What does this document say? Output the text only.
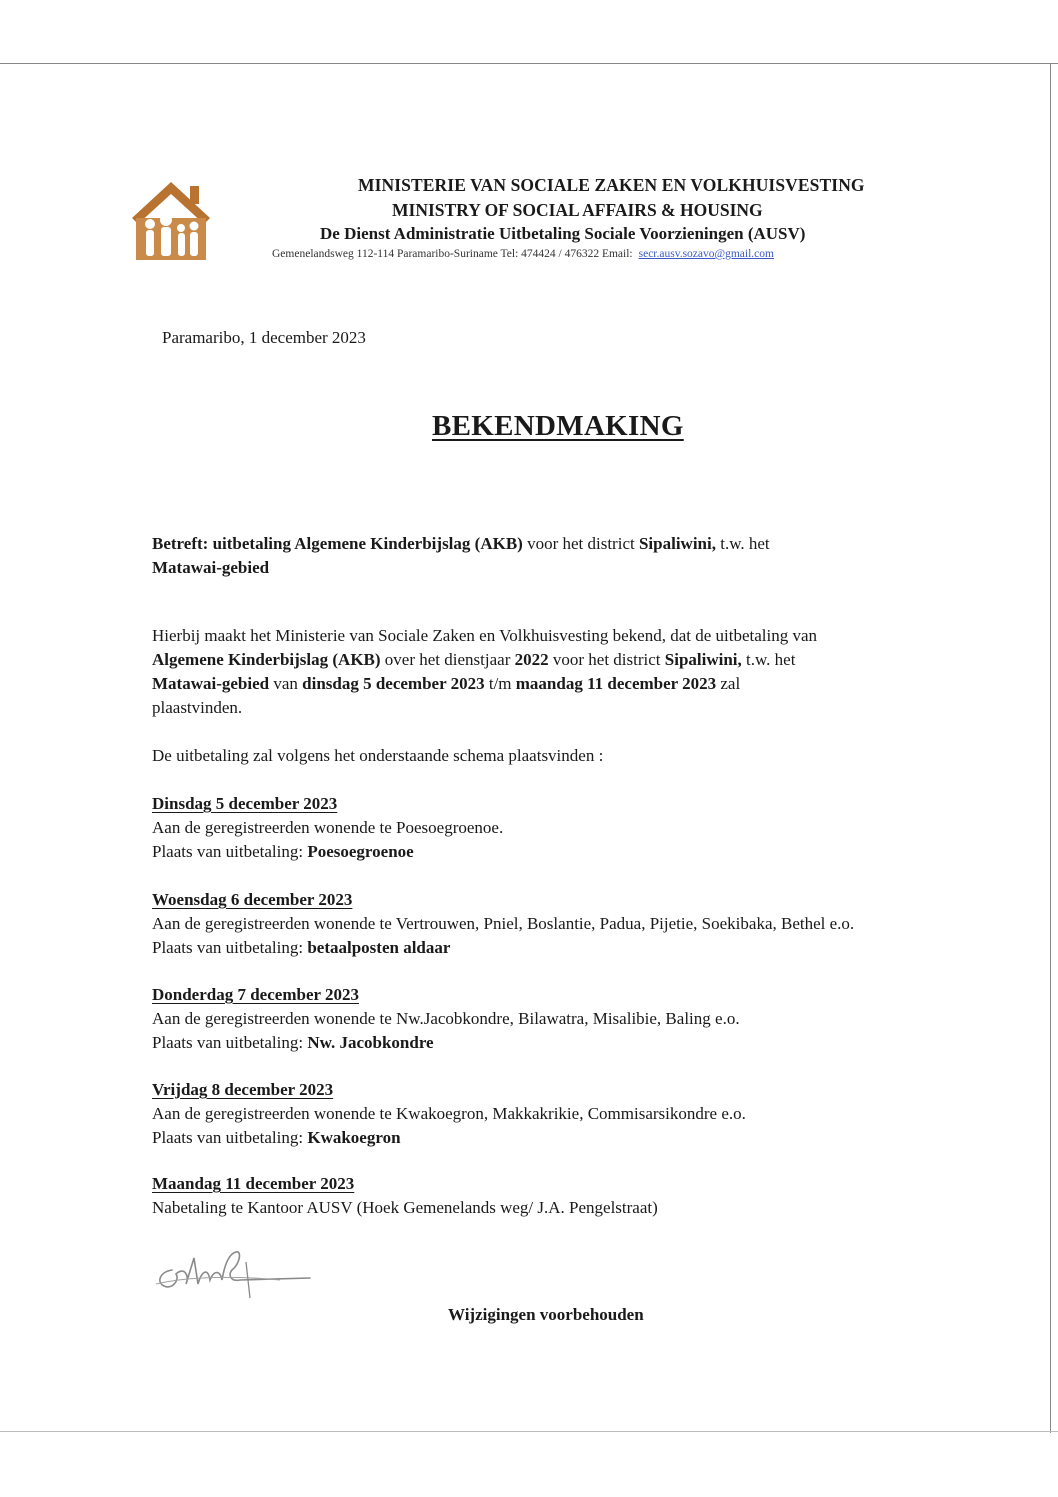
MINISTERIE VAN SOCIALE ZAKEN EN VOLKHUISVESTING
MINISTRY OF SOCIAL AFFAIRS & HOUSING
De Dienst Administratie Uitbetaling Sociale Voorzieningen (AUSV)
Gemenelandsweg 112-114 Paramaribo-Suriname Tel: 474424 / 476322 Email: secr.ausv.sozavo@gmail.com
Paramaribo, 1 december 2023
BEKENDMAKING
Betreft: uitbetaling Algemene Kinderbijslag (AKB) voor het district Sipaliwini, t.w. het
Matawai-gebied
Hierbij maakt het Ministerie van Sociale Zaken en Volkhuisvesting bekend, dat de uitbetaling van
Algemene Kinderbijslag (AKB) over het dienstjaar 2022 voor het district Sipaliwini, t.w. het
Matawai-gebied van dinsdag 5 december 2023 t/m maandag 11 december 2023 zal
plaastvinden.
De uitbetaling zal volgens het onderstaande schema plaatsvinden :
Dinsdag 5 december 2023
Aan de geregistreerden wonende te Poesoegroenoe.
Plaats van uitbetaling: Poesoegroenoe
Woensdag 6 december 2023
Aan de geregistreerden wonende te Vertrouwen, Pniel, Boslantie, Padua, Pijetie, Soekibaka, Bethel e.o.
Plaats van uitbetaling: betaalposten aldaar
Donderdag 7 december 2023
Aan de geregistreerden wonende te Nw.Jacobkondre, Bilawatra, Misalibie, Baling e.o.
Plaats van uitbetaling: Nw. Jacobkondre
Vrijdag 8 december 2023
Aan de geregistreerden wonende te Kwakoegron, Makkakrikie, Commisarsikondre e.o.
Plaats van uitbetaling: Kwakoegron
Maandag 11 december 2023
Nabetaling te Kantoor AUSV (Hoek Gemenelands weg/ J.A. Pengelstraat)
Wijzigingen voorbehouden
